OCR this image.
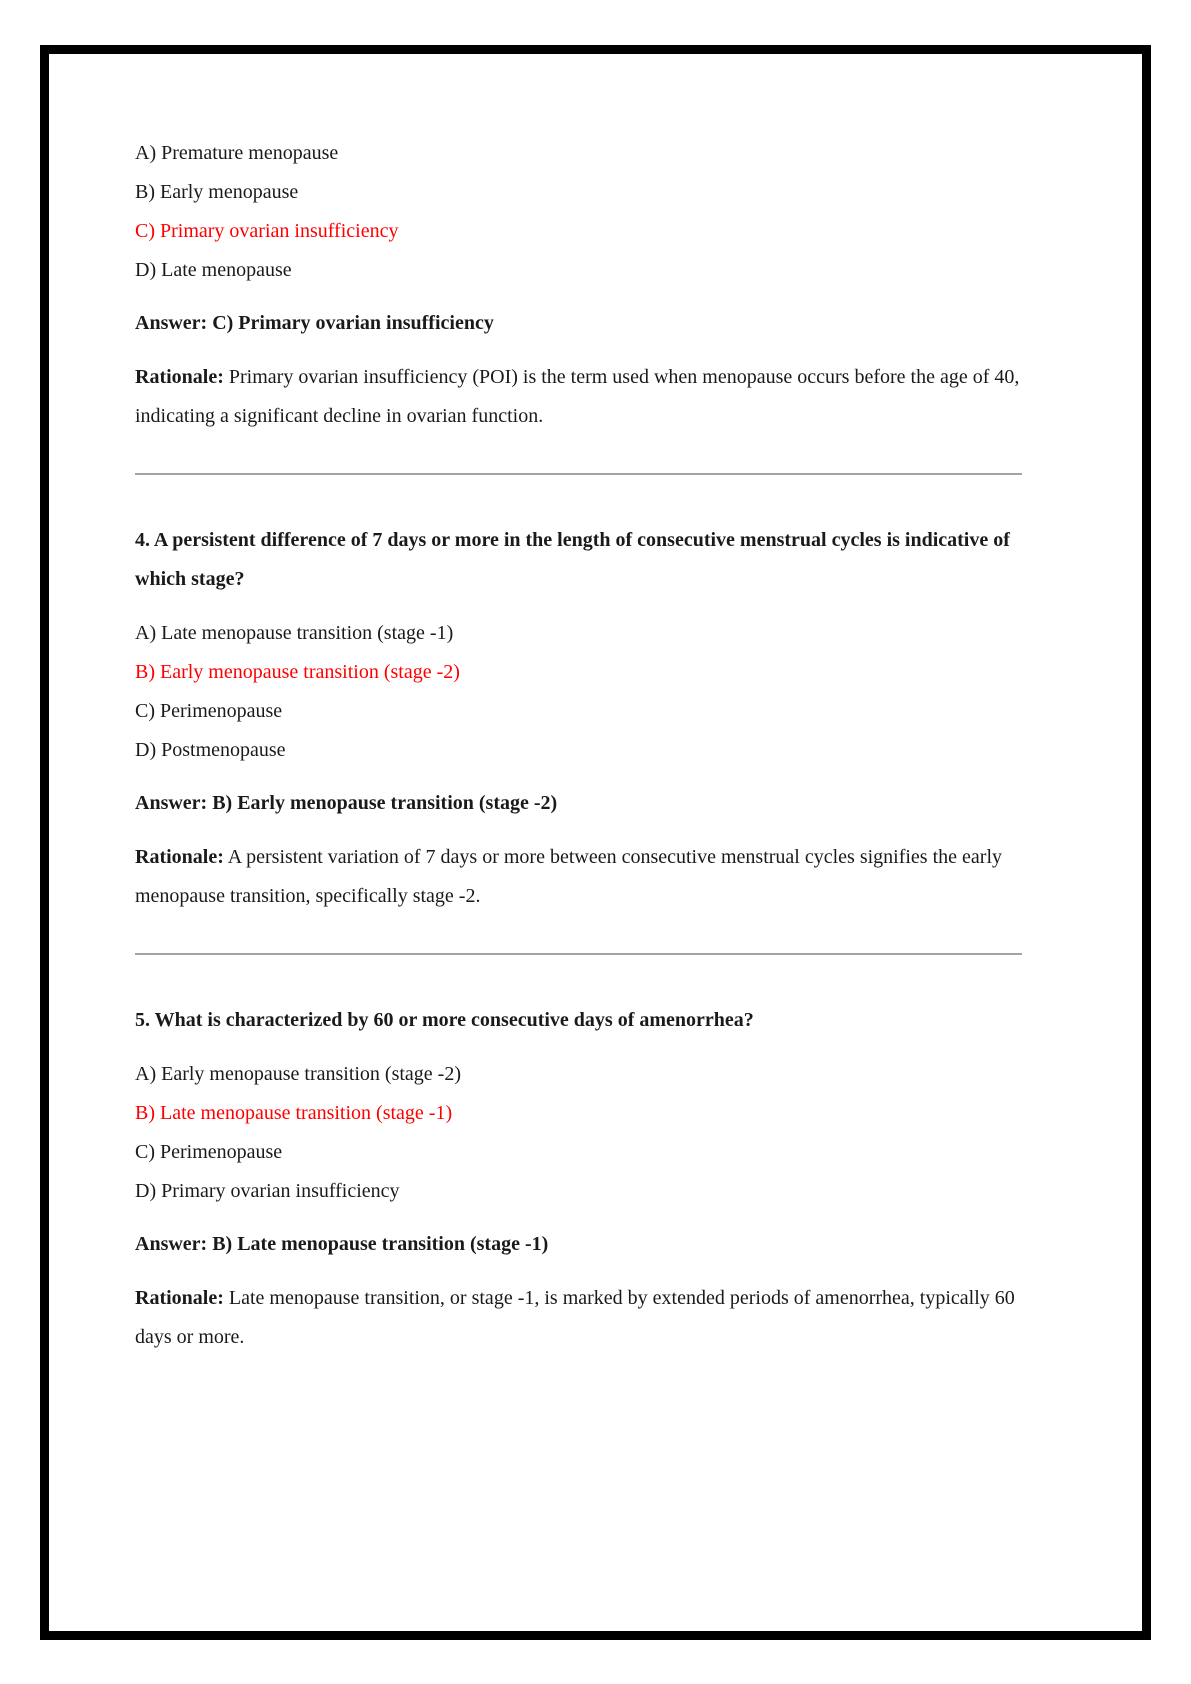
A) Premature menopause

B) Early menopause

C) Primary ovarian insufficiency

D) Late menopause

Answer: C) Primary ovarian insufficiency

Rationale: Primary ovarian insufficiency (POI) is the term used when menopause occurs before the age of 40, indicating a significant decline in ovarian function.

4. A persistent difference of 7 days or more in the length of consecutive menstrual cycles is indicative of which stage?

A) Late menopause transition (stage -1)

B) Early menopause transition (stage -2)

C) Perimenopause

D) Postmenopause

Answer: B) Early menopause transition (stage -2)

Rationale: A persistent variation of 7 days or more between consecutive menstrual cycles signifies the early menopause transition, specifically stage -2.

5. What is characterized by 60 or more consecutive days of amenorrhea?

A) Early menopause transition (stage -2)

B) Late menopause transition (stage -1)

C) Perimenopause

D) Primary ovarian insufficiency

Answer: B) Late menopause transition (stage -1)

Rationale: Late menopause transition, or stage -1, is marked by extended periods of amenorrhea, typically 60 days or more.
